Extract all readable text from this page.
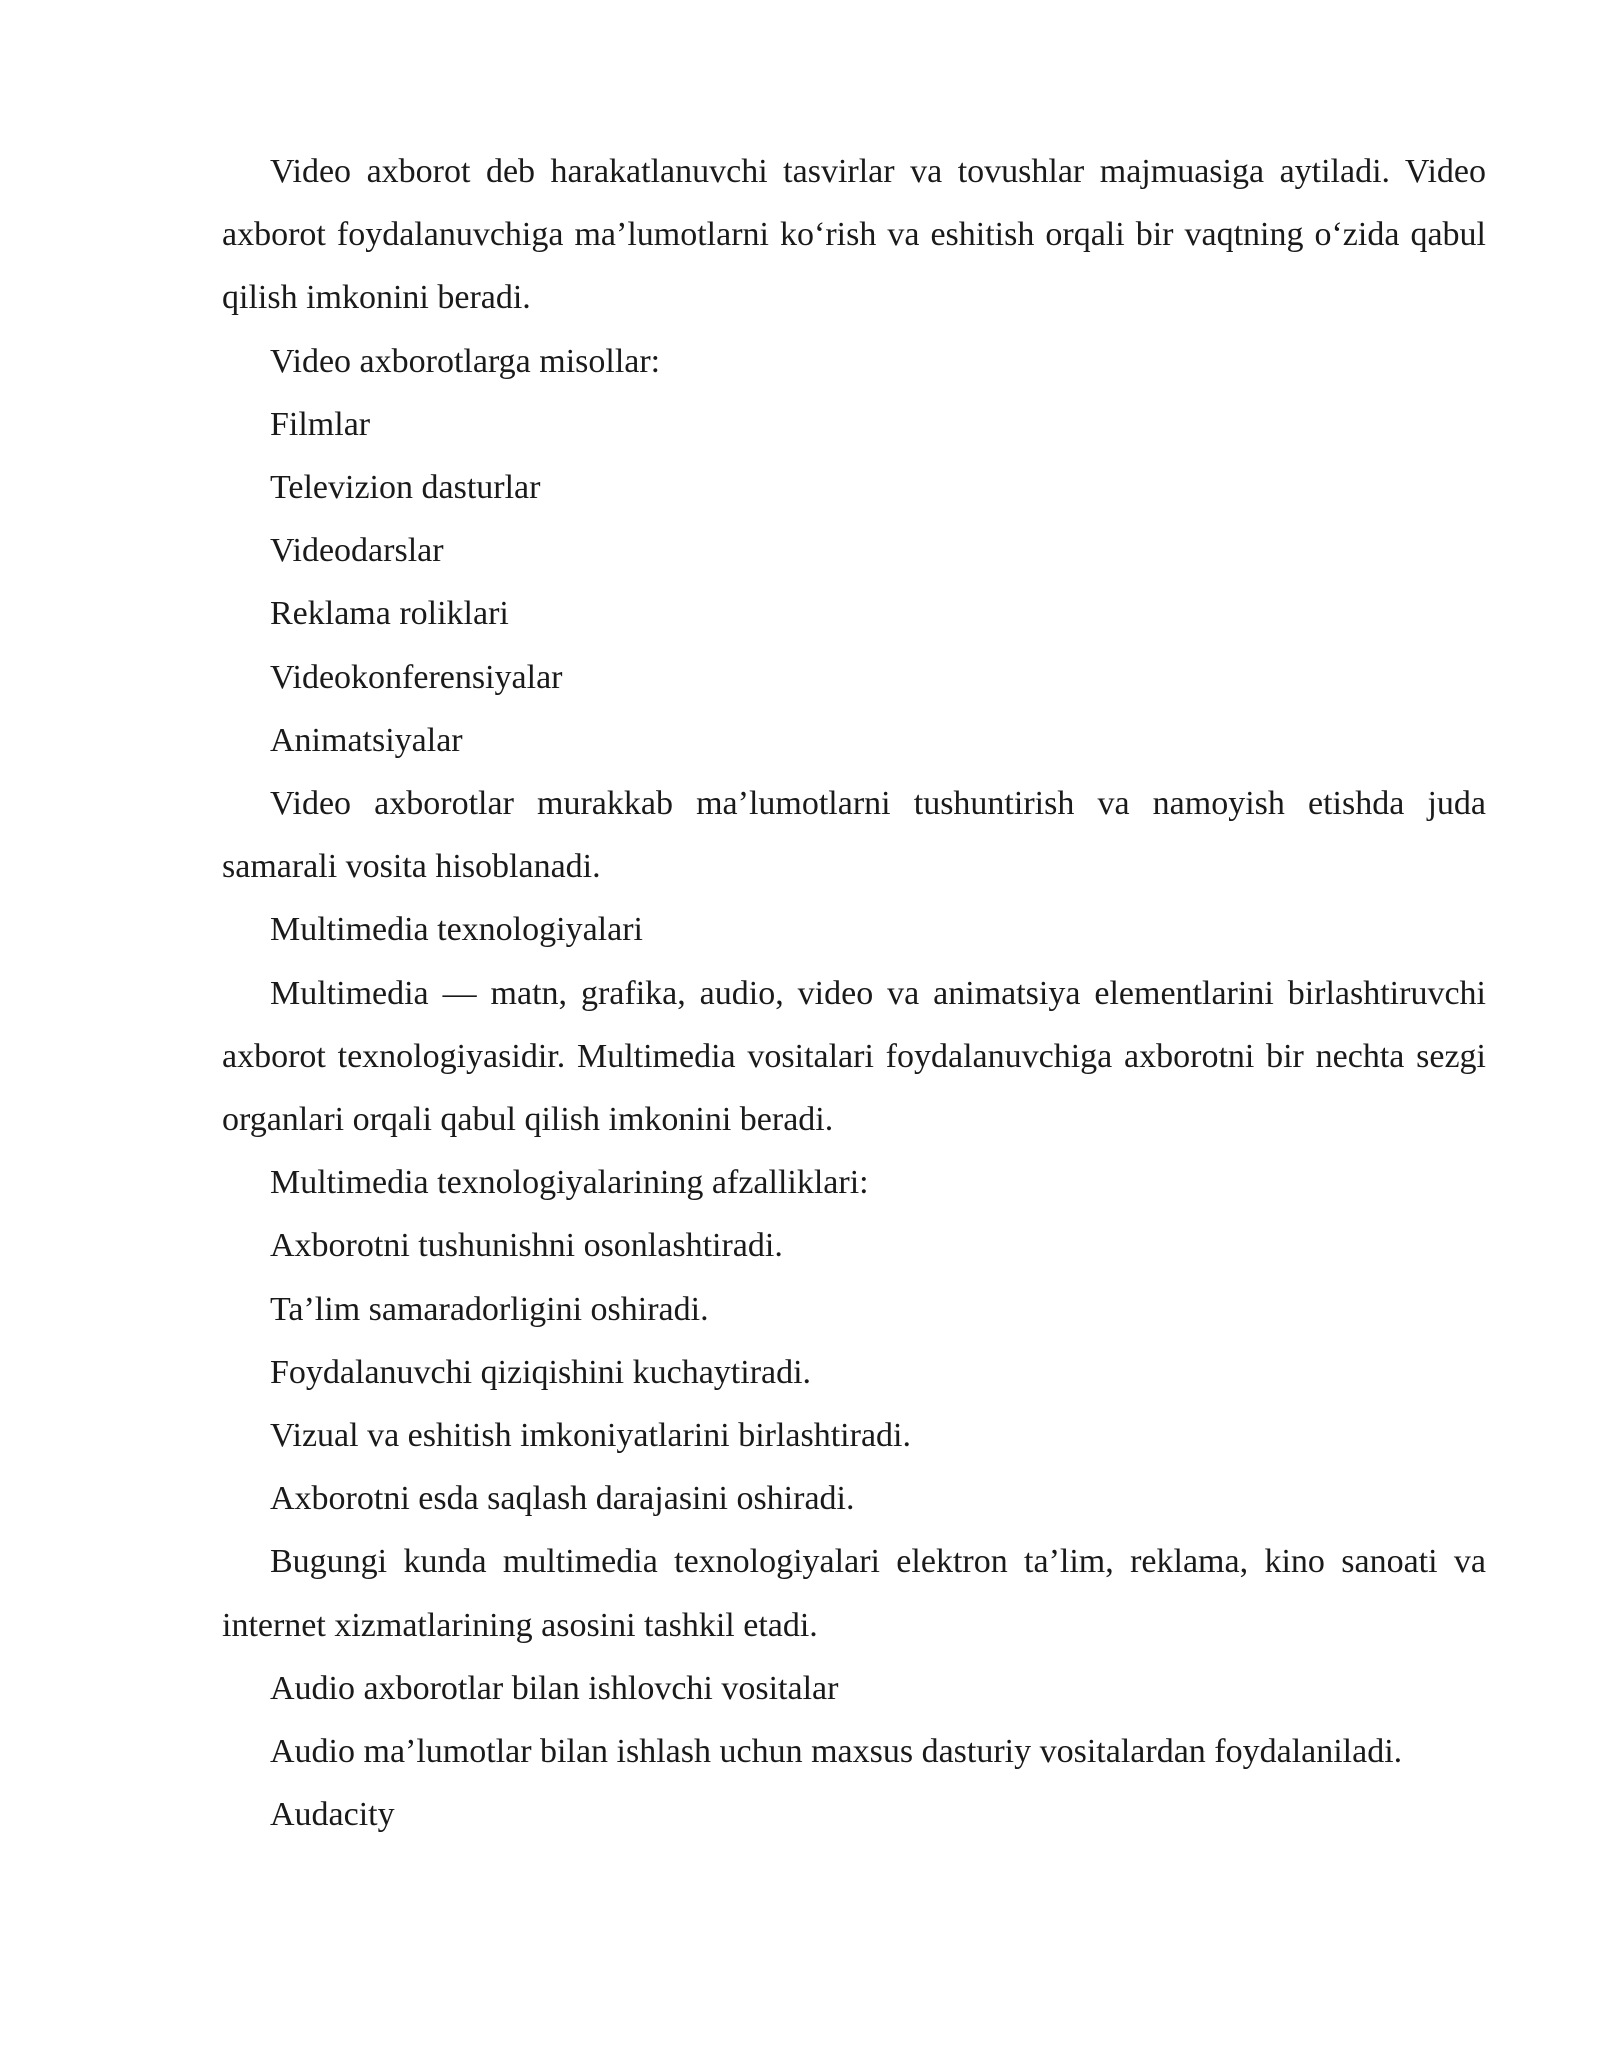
Video axborot deb harakatlanuvchi tasvirlar va tovushlar majmuasiga aytiladi. Video axborot foydalanuvchiga ma’lumotlarni ko‘rish va eshitish orqali bir vaqtning o‘zida qabul qilish imkonini beradi.

Video axborotlarga misollar:

Filmlar

Televizion dasturlar

Videodarslar

Reklama roliklari

Videokonferensiyalar

Animatsiyalar

Video axborotlar murakkab ma’lumotlarni tushuntirish va namoyish etishda juda samarali vosita hisoblanadi.

Multimedia texnologiyalari

Multimedia — matn, grafika, audio, video va animatsiya elementlarini birlashtiruvchi axborot texnologiyasidir. Multimedia vositalari foydalanuvchiga axborotni bir nechta sezgi organlari orqali qabul qilish imkonini beradi.

Multimedia texnologiyalarining afzalliklari:

Axborotni tushunishni osonlashtiradi.

Ta’lim samaradorligini oshiradi.

Foydalanuvchi qiziqishini kuchaytiradi.

Vizual va eshitish imkoniyatlarini birlashtiradi.

Axborotni esda saqlash darajasini oshiradi.

Bugungi kunda multimedia texnologiyalari elektron ta’lim, reklama, kino sanoati va internet xizmatlarining asosini tashkil etadi.

Audio axborotlar bilan ishlovchi vositalar

Audio ma’lumotlar bilan ishlash uchun maxsus dasturiy vositalardan foydalaniladi.

Audacity
